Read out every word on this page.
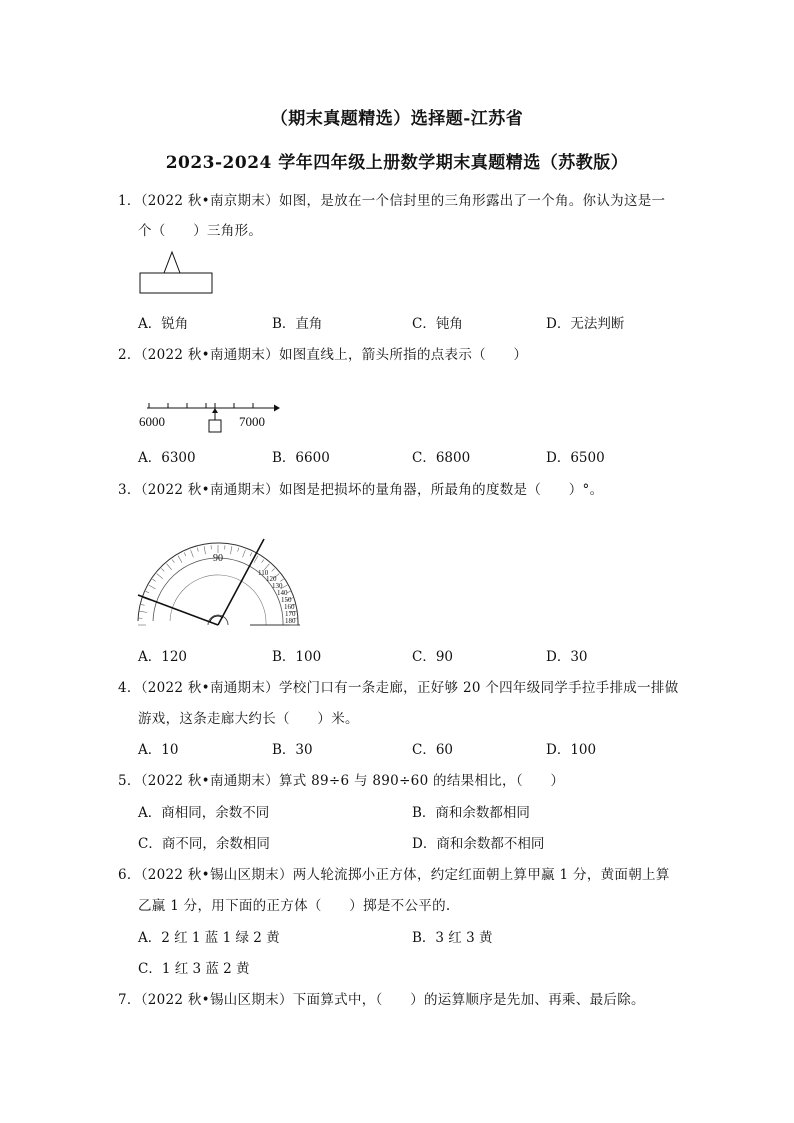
（期末真题精选）选择题-江苏省
2023-2024 学年四年级上册数学期末真题精选（苏教版）
1．（2022 秋•南京期末）如图，是放在一个信封里的三角形露出了一个角。你认为这是一
个（　　）三角形。
A．锐角	B．直角	C．钝角	D．无法判断
2．（2022 秋•南通期末）如图直线上，箭头所指的点表示（　　）
6000	7000
A．6300	B．6600	C．6800	D．6500
3．（2022 秋•南通期末）如图是把损坏的量角器，所最角的度数是（　　）°。
90
110
120
130
140
150
160
170
180
A．120	B．100	C．90	D．30
4．（2022 秋•南通期末）学校门口有一条走廊，正好够 20 个四年级同学手拉手排成一排做
游戏，这条走廊大约长（　　）米。
A．10	B．30	C．60	D．100
5．（2022 秋•南通期末）算式 89÷6 与 890÷60 的结果相比，（　　）
A．商相同，余数不同	B．商和余数都相同
C．商不同，余数相同	D．商和余数都不相同
6．（2022 秋•锡山区期末）两人轮流掷小正方体，约定红面朝上算甲赢 1 分，黄面朝上算
乙赢 1 分，用下面的正方体（　　）掷是不公平的.
A．2 红 1 蓝 1 绿 2 黄	B．3 红 3 黄
C．1 红 3 蓝 2 黄
7．（2022 秋•锡山区期末）下面算式中，（　　）的运算顺序是先加、再乘、最后除。
